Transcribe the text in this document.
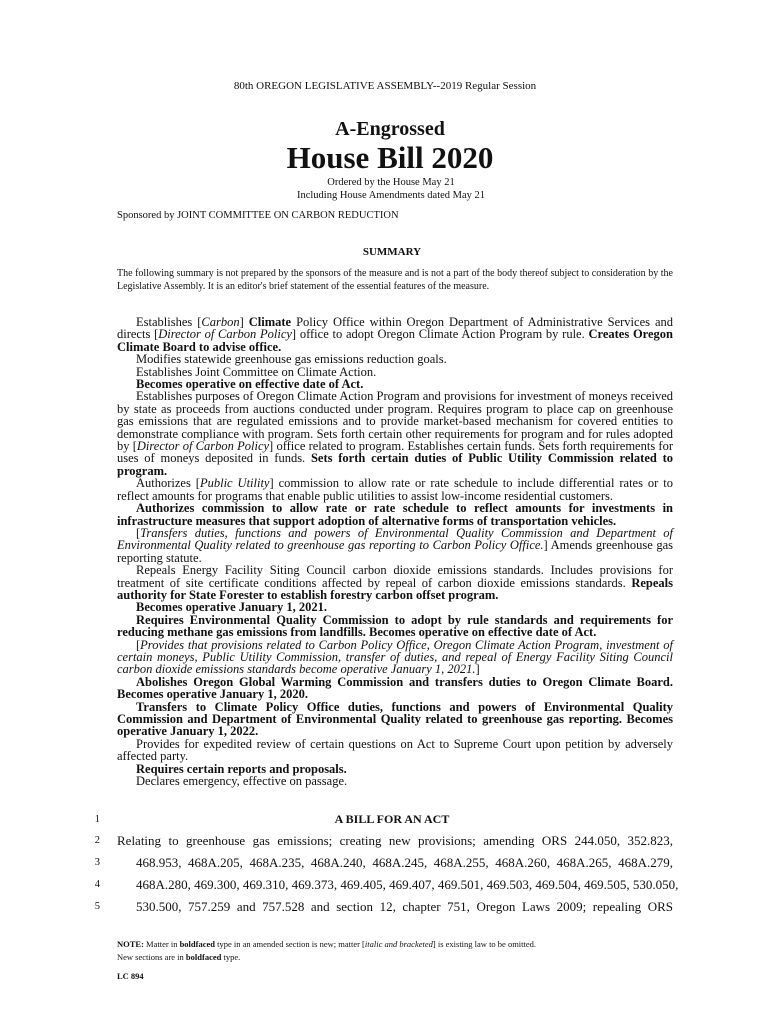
80th OREGON LEGISLATIVE ASSEMBLY--2019 Regular Session
A-Engrossed
House Bill 2020
Ordered by the House May 21
Including House Amendments dated May 21
Sponsored by JOINT COMMITTEE ON CARBON REDUCTION
SUMMARY
The following summary is not prepared by the sponsors of the measure and is not a part of the body thereof subject to consideration by the Legislative Assembly. It is an editor's brief statement of the essential features of the measure.

Establishes [Carbon] Climate Policy Office within Oregon Department of Administrative Services and directs [Director of Carbon Policy] office to adopt Oregon Climate Action Program by rule. Creates Oregon Climate Board to advise office.

Modifies statewide greenhouse gas emissions reduction goals.

Establishes Joint Committee on Climate Action.

Becomes operative on effective date of Act.

Establishes purposes of Oregon Climate Action Program and provisions for investment of moneys received by state as proceeds from auctions conducted under program. Requires program to place cap on greenhouse gas emissions that are regulated emissions and to provide market-based mechanism for covered entities to demonstrate compliance with program. Sets forth certain other requirements for program and for rules adopted by [Director of Carbon Policy] office related to program. Establishes certain funds. Sets forth requirements for uses of moneys deposited in funds. Sets forth certain duties of Public Utility Commission related to program.

Authorizes [Public Utility] commission to allow rate or rate schedule to include differential rates or to reflect amounts for programs that enable public utilities to assist low-income residential customers.

Authorizes commission to allow rate or rate schedule to reflect amounts for investments in infrastructure measures that support adoption of alternative forms of transportation vehicles.

[Transfers duties, functions and powers of Environmental Quality Commission and Department of Environmental Quality related to greenhouse gas reporting to Carbon Policy Office.] Amends greenhouse gas reporting statute.

Repeals Energy Facility Siting Council carbon dioxide emissions standards. Includes provisions for treatment of site certificate conditions affected by repeal of carbon dioxide emissions standards. Repeals authority for State Forester to establish forestry carbon offset program.

Becomes operative January 1, 2021.

Requires Environmental Quality Commission to adopt by rule standards and requirements for reducing methane gas emissions from landfills. Becomes operative on effective date of Act.

[Provides that provisions related to Carbon Policy Office, Oregon Climate Action Program, investment of certain moneys, Public Utility Commission, transfer of duties, and repeal of Energy Facility Siting Council carbon dioxide emissions standards become operative January 1, 2021.]

Abolishes Oregon Global Warming Commission and transfers duties to Oregon Climate Board. Becomes operative January 1, 2020.

Transfers to Climate Policy Office duties, functions and powers of Environmental Quality Commission and Department of Environmental Quality related to greenhouse gas reporting. Becomes operative January 1, 2022.

Provides for expedited review of certain questions on Act to Supreme Court upon petition by adversely affected party.

Requires certain reports and proposals.

Declares emergency, effective on passage.

A BILL FOR AN ACT
1
2 Relating to greenhouse gas emissions; creating new provisions; amending ORS 244.050, 352.823,
3	468.953, 468A.205, 468A.235, 468A.240, 468A.245, 468A.255, 468A.260, 468A.265, 468A.279,
4	468A.280, 469.300, 469.310, 469.373, 469.405, 469.407, 469.501, 469.503, 469.504, 469.505, 530.050,
5	530.500, 757.259 and 757.528 and section 12, chapter 751, Oregon Laws 2009; repealing ORS
NOTE: Matter in boldfaced type in an amended section is new; matter [italic and bracketed] is existing law to be omitted.
New sections are in boldfaced type.
LC 894
